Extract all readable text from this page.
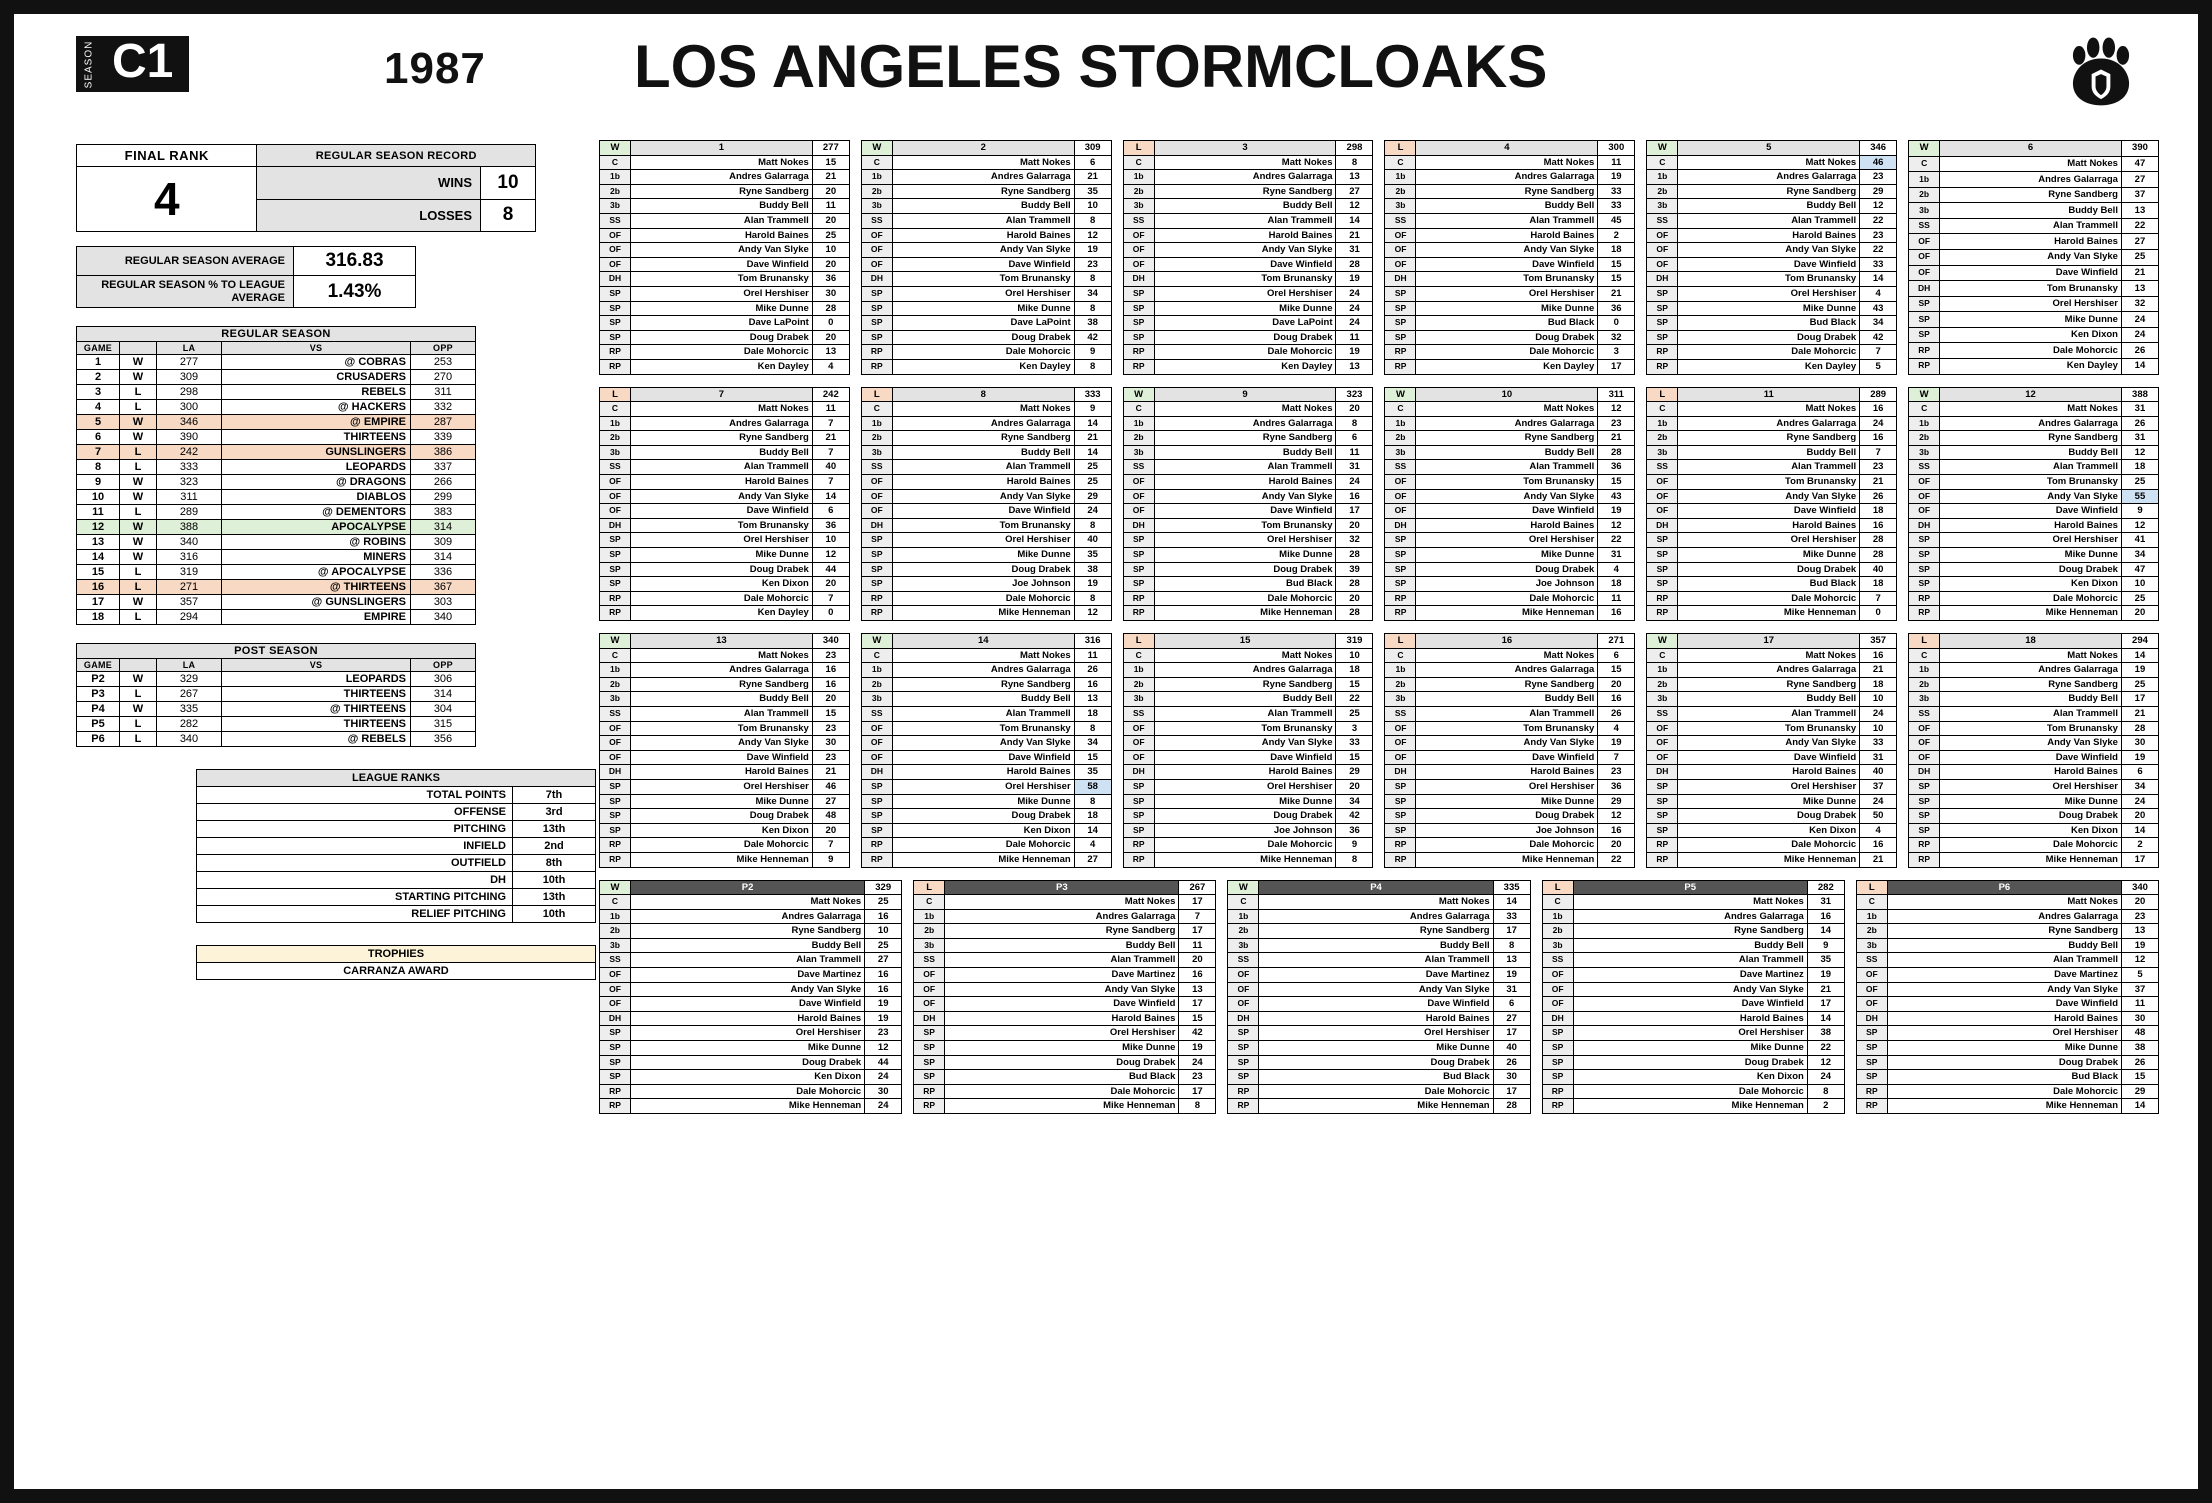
SEASON C1	1987 LOS ANGELES STORMCLOAKS
FINAL RANK	REGULAR SEASON RECORD	
4	WINS	10
	LOSSES	8
REGULAR SEASON AVERAGE	316.83
REGULAR SEASON % TO LEAGUE AVERAGE	1.43%
REGULAR SEASON				
GAME		LA	VS	OPP
1	W	277	@ COBRAS	253
2	W	309	CRUSADERS	270
3	L	298	REBELS	311
4	L	300	@ HACKERS	332
5	W	346	@ EMPIRE	287
6	W	390	THIRTEENS	339
7	L	242	GUNSLINGERS	386
8	L	333	LEOPARDS	337
9	W	323	@ DRAGONS	266
10	W	311	DIABLOS	299
11	L	289	@ DEMENTORS	383
12	W	388	APOCALYPSE	314
13	W	340	@ ROBINS	309
14	W	316	MINERS	314
15	L	319	@ APOCALYPSE	336
16	L	271	@ THIRTEENS	367
17	W	357	@ GUNSLINGERS	303
18	L	294	EMPIRE	340
POST SEASON				
GAME		LA	VS	OPP
P2	W	329	LEOPARDS	306
P3	L	267	THIRTEENS	314
P4	W	335	@ THIRTEENS	304
P5	L	282	THIRTEENS	315
P6	L	340	@ REBELS	356
LEAGUE RANKS	
TOTAL POINTS	7th
OFFENSE	3rd
PITCHING	13th
INFIELD	2nd
OUTFIELD	8th
DH	10th
STARTING PITCHING	13th
RELIEF PITCHING	10th
TROPHIES
CARRANZA AWARD
W	1	277
C	Matt Nokes	15
1b	Andres Galarraga	21
2b	Ryne Sandberg	20
3b	Buddy Bell	11
SS	Alan Trammell	20
OF	Harold Baines	25
OF	Andy Van Slyke	10
OF	Dave Winfield	20
DH	Tom Brunansky	36
SP	Orel Hershiser	30
SP	Mike Dunne	28
SP	Dave LaPoint	0
SP	Doug Drabek	20
RP	Dale Mohorcic	13
RP	Ken Dayley	4
W	2	309
C	Matt Nokes	6
1b	Andres Galarraga	21
2b	Ryne Sandberg	35
3b	Buddy Bell	10
SS	Alan Trammell	8
OF	Harold Baines	12
OF	Andy Van Slyke	19
OF	Dave Winfield	23
DH	Tom Brunansky	8
SP	Orel Hershiser	34
SP	Mike Dunne	8
SP	Dave LaPoint	38
SP	Doug Drabek	42
RP	Dale Mohorcic	9
RP	Ken Dayley	8
L	3	298
C	Matt Nokes	8
1b	Andres Galarraga	13
2b	Ryne Sandberg	27
3b	Buddy Bell	12
SS	Alan Trammell	14
OF	Harold Baines	21
OF	Andy Van Slyke	31
OF	Dave Winfield	28
DH	Tom Brunansky	19
SP	Orel Hershiser	24
SP	Mike Dunne	24
SP	Dave LaPoint	24
SP	Doug Drabek	11
RP	Dale Mohorcic	19
RP	Ken Dayley	13
L	4	300
C	Matt Nokes	11
1b	Andres Galarraga	19
2b	Ryne Sandberg	33
3b	Buddy Bell	33
SS	Alan Trammell	45
OF	Harold Baines	2
OF	Andy Van Slyke	18
OF	Dave Winfield	15
DH	Tom Brunansky	15
SP	Orel Hershiser	21
SP	Mike Dunne	36
SP	Bud Black	0
SP	Doug Drabek	32
RP	Dale Mohorcic	3
RP	Ken Dayley	17
W	5	346
C	Matt Nokes	46
1b	Andres Galarraga	23
2b	Ryne Sandberg	29
3b	Buddy Bell	12
SS	Alan Trammell	22
OF	Harold Baines	23
OF	Andy Van Slyke	22
OF	Dave Winfield	33
DH	Tom Brunansky	14
SP	Orel Hershiser	4
SP	Mike Dunne	43
SP	Bud Black	34
SP	Doug Drabek	42
RP	Dale Mohorcic	7
RP	Ken Dayley	5
W	6	390
C	Matt Nokes	47
1b	Andres Galarraga	27
2b	Ryne Sandberg	37
3b	Buddy Bell	13
SS	Alan Trammell	22
OF	Harold Baines	27
OF	Andy Van Slyke	25
OF	Dave Winfield	21
DH	Tom Brunansky	13
SP	Orel Hershiser	32
SP	Mike Dunne	24
SP	Ken Dixon	24
RP	Dale Mohorcic	26
RP	Ken Dayley	14
L	7	242
C	Matt Nokes	11
1b	Andres Galarraga	7
2b	Ryne Sandberg	21
3b	Buddy Bell	7
SS	Alan Trammell	40
OF	Harold Baines	7
OF	Andy Van Slyke	14
OF	Dave Winfield	6
DH	Tom Brunansky	36
SP	Orel Hershiser	10
SP	Mike Dunne	12
SP	Doug Drabek	44
SP	Ken Dixon	20
RP	Dale Mohorcic	7
RP	Ken Dayley	0
L	8	333
C	Matt Nokes	9
1b	Andres Galarraga	14
2b	Ryne Sandberg	21
3b	Buddy Bell	14
SS	Alan Trammell	25
OF	Harold Baines	25
OF	Andy Van Slyke	29
OF	Dave Winfield	24
DH	Tom Brunansky	8
SP	Orel Hershiser	40
SP	Mike Dunne	35
SP	Doug Drabek	38
SP	Joe Johnson	19
RP	Dale Mohorcic	8
RP	Mike Henneman	12
W	9	323
C	Matt Nokes	20
1b	Andres Galarraga	8
2b	Ryne Sandberg	6
3b	Buddy Bell	11
SS	Alan Trammell	31
OF	Harold Baines	24
OF	Andy Van Slyke	16
OF	Dave Winfield	17
DH	Tom Brunansky	20
SP	Orel Hershiser	32
SP	Mike Dunne	28
SP	Doug Drabek	39
SP	Bud Black	28
RP	Dale Mohorcic	20
RP	Mike Henneman	28
W	10	311
C	Matt Nokes	12
1b	Andres Galarraga	23
2b	Ryne Sandberg	21
3b	Buddy Bell	28
SS	Alan Trammell	36
OF	Tom Brunansky	15
OF	Andy Van Slyke	43
OF	Dave Winfield	19
DH	Harold Baines	12
SP	Orel Hershiser	22
SP	Mike Dunne	31
SP	Doug Drabek	4
SP	Joe Johnson	18
RP	Dale Mohorcic	11
RP	Mike Henneman	16
L	11	289
C	Matt Nokes	16
1b	Andres Galarraga	24
2b	Ryne Sandberg	16
3b	Buddy Bell	7
SS	Alan Trammell	23
OF	Tom Brunansky	21
OF	Andy Van Slyke	26
OF	Dave Winfield	18
DH	Harold Baines	16
SP	Orel Hershiser	28
SP	Mike Dunne	28
SP	Doug Drabek	40
SP	Bud Black	18
RP	Dale Mohorcic	7
RP	Mike Henneman	0
W	12	388
C	Matt Nokes	31
1b	Andres Galarraga	26
2b	Ryne Sandberg	31
3b	Buddy Bell	12
SS	Alan Trammell	18
OF	Tom Brunansky	25
OF	Andy Van Slyke	55
OF	Dave Winfield	9
DH	Harold Baines	12
SP	Orel Hershiser	41
SP	Mike Dunne	34
SP	Doug Drabek	47
SP	Ken Dixon	10
RP	Dale Mohorcic	25
RP	Mike Henneman	20
W	13	340
C	Matt Nokes	23
1b	Andres Galarraga	16
2b	Ryne Sandberg	16
3b	Buddy Bell	20
SS	Alan Trammell	15
OF	Tom Brunansky	23
OF	Andy Van Slyke	30
OF	Dave Winfield	23
DH	Harold Baines	21
SP	Orel Hershiser	46
SP	Mike Dunne	27
SP	Doug Drabek	48
SP	Ken Dixon	20
RP	Dale Mohorcic	7
RP	Mike Henneman	9
W	14	316
C	Matt Nokes	11
1b	Andres Galarraga	26
2b	Ryne Sandberg	16
3b	Buddy Bell	13
SS	Alan Trammell	18
OF	Tom Brunansky	8
OF	Andy Van Slyke	34
OF	Dave Winfield	15
DH	Harold Baines	35
SP	Orel Hershiser	58
SP	Mike Dunne	8
SP	Doug Drabek	18
SP	Ken Dixon	14
RP	Dale Mohorcic	4
RP	Mike Henneman	27
L	15	319
C	Matt Nokes	10
1b	Andres Galarraga	18
2b	Ryne Sandberg	15
3b	Buddy Bell	22
SS	Alan Trammell	25
OF	Tom Brunansky	3
OF	Andy Van Slyke	33
OF	Dave Winfield	15
DH	Harold Baines	29
SP	Orel Hershiser	20
SP	Mike Dunne	34
SP	Doug Drabek	42
SP	Joe Johnson	36
RP	Dale Mohorcic	9
RP	Mike Henneman	8
L	16	271
C	Matt Nokes	6
1b	Andres Galarraga	15
2b	Ryne Sandberg	20
3b	Buddy Bell	16
SS	Alan Trammell	26
OF	Tom Brunansky	4
OF	Andy Van Slyke	19
OF	Dave Winfield	7
DH	Harold Baines	23
SP	Orel Hershiser	36
SP	Mike Dunne	29
SP	Doug Drabek	12
SP	Joe Johnson	16
RP	Dale Mohorcic	20
RP	Mike Henneman	22
W	17	357
C	Matt Nokes	16
1b	Andres Galarraga	21
2b	Ryne Sandberg	18
3b	Buddy Bell	10
SS	Alan Trammell	24
OF	Tom Brunansky	10
OF	Andy Van Slyke	33
OF	Dave Winfield	31
DH	Harold Baines	40
SP	Orel Hershiser	37
SP	Mike Dunne	24
SP	Doug Drabek	50
SP	Ken Dixon	4
RP	Dale Mohorcic	16
RP	Mike Henneman	21
L	18	294
C	Matt Nokes	14
1b	Andres Galarraga	19
2b	Ryne Sandberg	25
3b	Buddy Bell	17
SS	Alan Trammell	21
OF	Tom Brunansky	28
OF	Andy Van Slyke	30
OF	Dave Winfield	19
DH	Harold Baines	6
SP	Orel Hershiser	34
SP	Mike Dunne	24
SP	Doug Drabek	20
SP	Ken Dixon	14
RP	Dale Mohorcic	2
RP	Mike Henneman	17
W	P2	329
C	Matt Nokes	25
1b	Andres Galarraga	16
2b	Ryne Sandberg	10
3b	Buddy Bell	25
SS	Alan Trammell	27
OF	Dave Martinez	16
OF	Andy Van Slyke	16
OF	Dave Winfield	19
DH	Harold Baines	19
SP	Orel Hershiser	23
SP	Mike Dunne	12
SP	Doug Drabek	44
SP	Ken Dixon	24
RP	Dale Mohorcic	30
RP	Mike Henneman	24
L	P3	267
C	Matt Nokes	17
1b	Andres Galarraga	7
2b	Ryne Sandberg	17
3b	Buddy Bell	11
SS	Alan Trammell	20
OF	Dave Martinez	16
OF	Andy Van Slyke	13
OF	Dave Winfield	17
DH	Harold Baines	15
SP	Orel Hershiser	42
SP	Mike Dunne	19
SP	Doug Drabek	24
SP	Bud Black	23
RP	Dale Mohorcic	17
RP	Mike Henneman	8
W	P4	335
C	Matt Nokes	14
1b	Andres Galarraga	33
2b	Ryne Sandberg	17
3b	Buddy Bell	8
SS	Alan Trammell	13
OF	Dave Martinez	19
OF	Andy Van Slyke	31
OF	Dave Winfield	6
DH	Harold Baines	27
SP	Orel Hershiser	17
SP	Mike Dunne	40
SP	Doug Drabek	26
SP	Bud Black	30
RP	Dale Mohorcic	17
RP	Mike Henneman	28
L	P5	282
C	Matt Nokes	31
1b	Andres Galarraga	16
2b	Ryne Sandberg	14
3b	Buddy Bell	9
SS	Alan Trammell	35
OF	Dave Martinez	19
OF	Andy Van Slyke	21
OF	Dave Winfield	17
DH	Harold Baines	14
SP	Orel Hershiser	38
SP	Mike Dunne	22
SP	Doug Drabek	12
SP	Ken Dixon	24
RP	Dale Mohorcic	8
RP	Mike Henneman	2
L	P6	340
C	Matt Nokes	20
1b	Andres Galarraga	23
2b	Ryne Sandberg	13
3b	Buddy Bell	19
SS	Alan Trammell	12
OF	Dave Martinez	5
OF	Andy Van Slyke	37
OF	Dave Winfield	11
DH	Harold Baines	30
SP	Orel Hershiser	48
SP	Mike Dunne	38
SP	Doug Drabek	26
SP	Bud Black	15
RP	Dale Mohorcic	29
RP	Mike Henneman	14
